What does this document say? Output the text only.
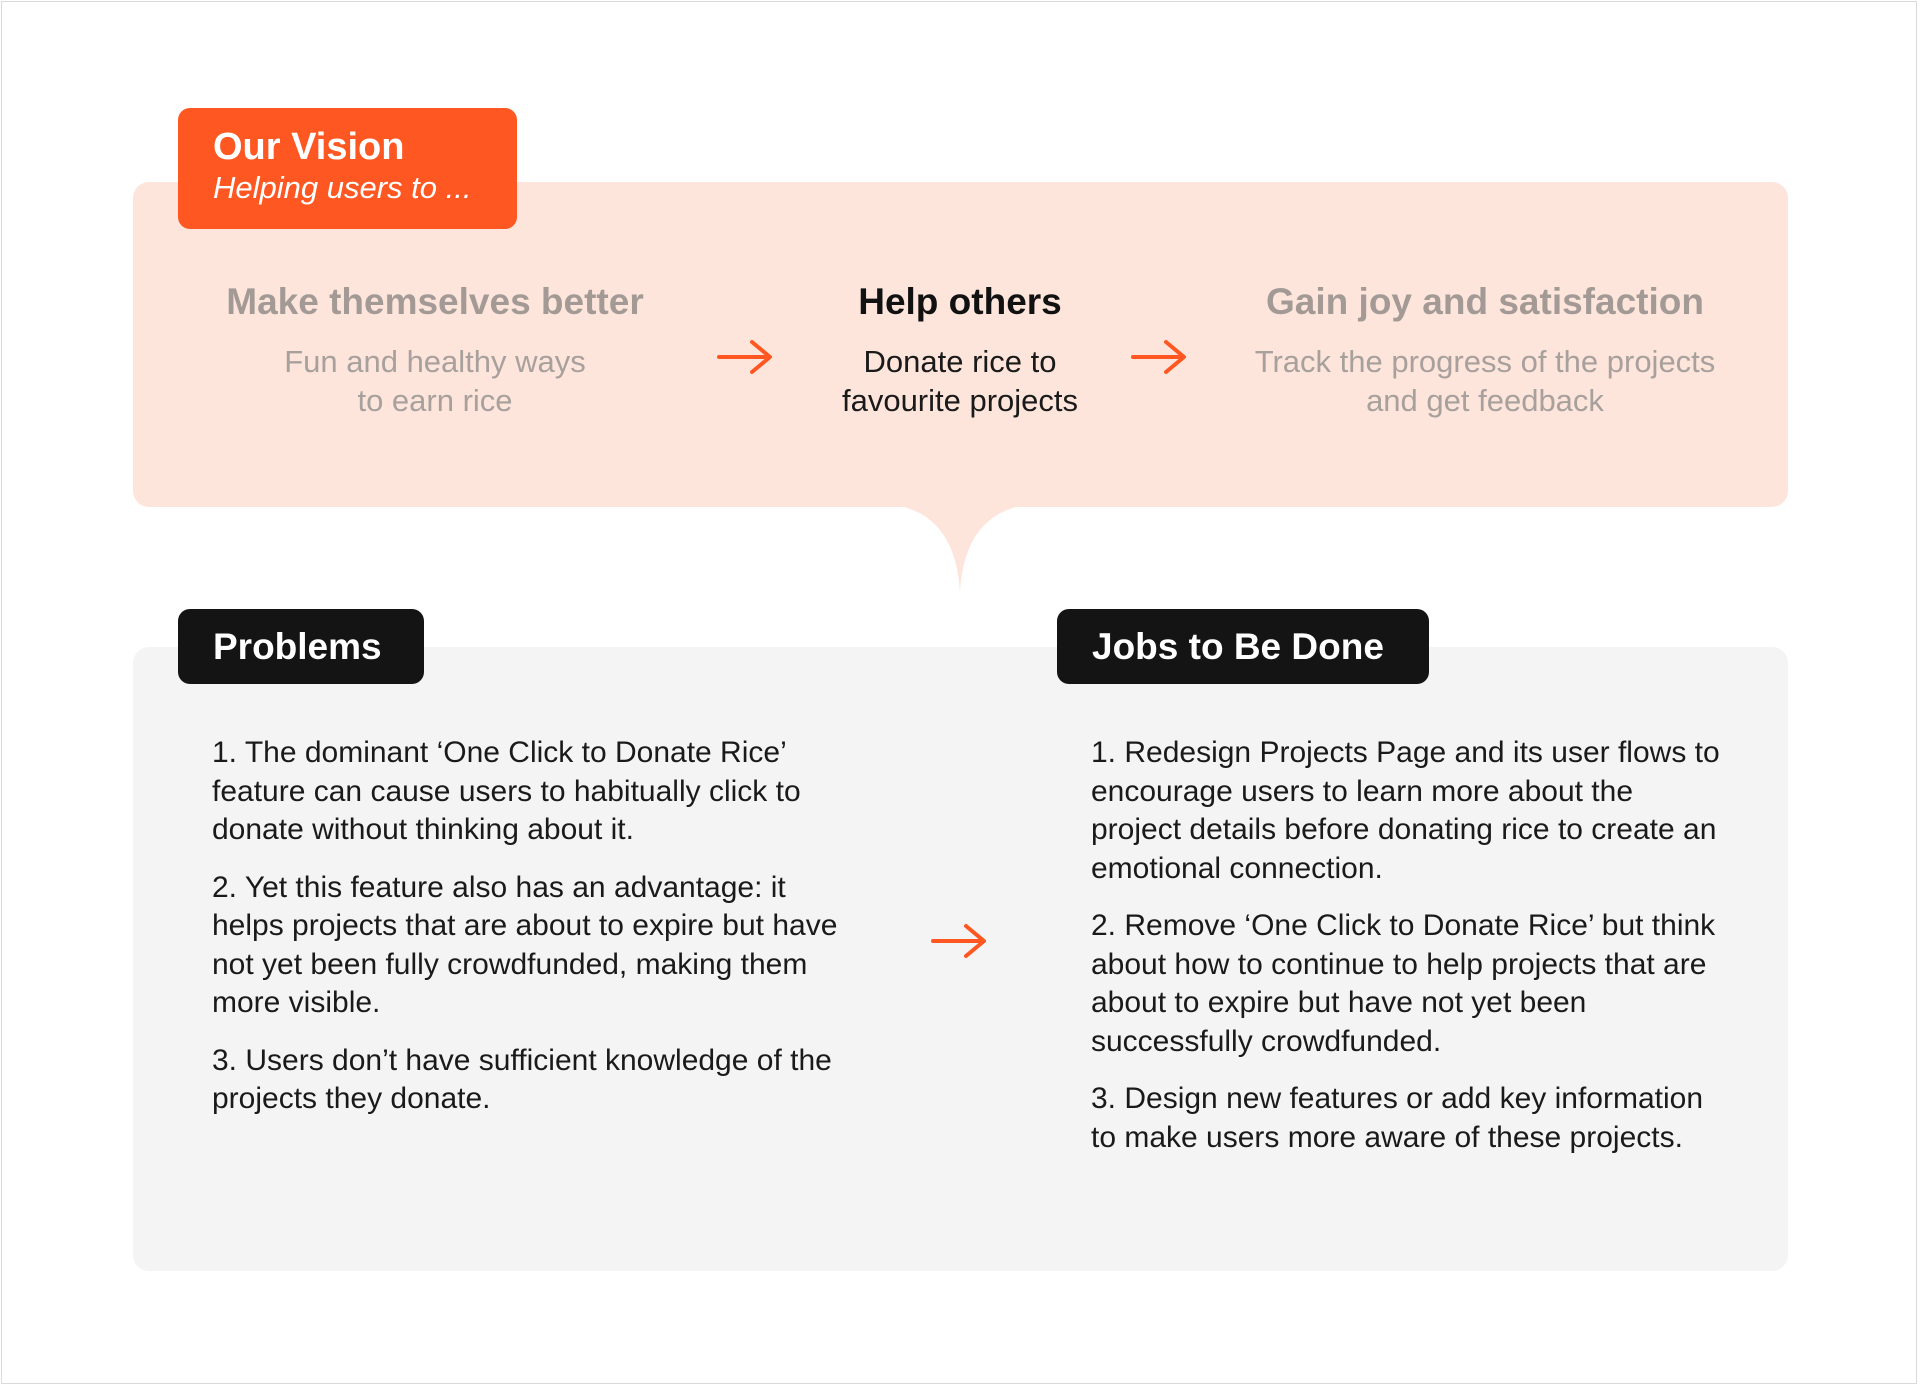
Our Vision
Helping users to ...
Make themselves better
Fun and healthy ways
to earn rice
Help others
Donate rice to
favourite projects
Gain joy and satisfaction
Track the progress of the projects
and get feedback
Problems	Jobs to Be Done
1. The dominant ‘One Click to Donate Rice’ feature can cause users to habitually click to donate without thinking about it.
2. Yet this feature also has an advantage: it helps projects that are about to expire but have not yet been fully crowdfunded, making them more visible.
3. Users don’t have sufficient knowledge of the projects they donate.
1. Redesign Projects Page and its user flows to encourage users to learn more about the project details before donating rice to create an emotional connection.
2. Remove ‘One Click to Donate Rice’ but think about how to continue to help projects that are about to expire but have not yet been successfully crowdfunded.
3. Design new features or add key information to make users more aware of these projects.
